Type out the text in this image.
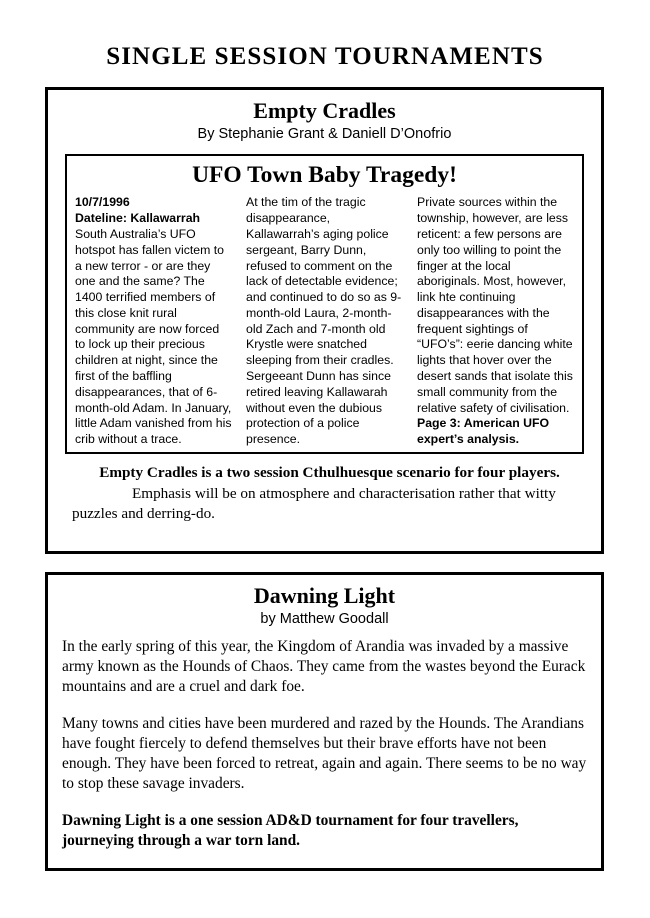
SINGLE SESSION TOURNAMENTS
Empty Cradles
By Stephanie Grant & Daniell D’Onofrio
UFO Town Baby Tragedy!

10/7/1996
Dateline: Kallawarrah
South Australia’s UFO hotspot has fallen victem to a new terror - or are they one and the same? The 1400 terrified members of this close knit rural community are now forced to lock up their precious children at night, since the first of the baffling disappearances, that of 6-month-old Adam. In January, little Adam vanished from his crib without a trace.

At the tim of the tragic disappearance, Kallawarrah’s aging police sergeant, Barry Dunn, refused to comment on the lack of detectable evidence; and continued to do so as 9-month-old Laura, 2-month-old Zach and 7-month old Krystle were snatched sleeping from their cradles. Sergeeant Dunn has since retired leaving Kallawarah without even the dubious protection of a police presence.

Private sources within the township, however, are less reticent: a few persons are only too willing to point the finger at the local aboriginals. Most, however, link hte continuing disappearances with the frequent sightings of “UFO’s”: eerie dancing white lights that hover over the desert sands that isolate this small community from the relative safety of civilisation.

Page 3: American UFO expert’s analysis.

Empty Cradles is a two session Cthulhuesque scenario for four players.

Emphasis will be on atmosphere and characterisation rather that witty puzzles and derring-do.

Dawning Light
by Matthew Goodall

In the early spring of this year, the Kingdom of Arandia was invaded by a massive army known as the Hounds of Chaos. They came from the wastes beyond the Eurack mountains and are a cruel and dark foe.

Many towns and cities have been murdered and razed by the Hounds. The Arandians have fought fiercely to defend themselves but their brave efforts have not been enough. They have been forced to retreat, again and again. There seems to be no way to stop these savage invaders.

Dawning Light is a one session AD&D tournament for four travellers, journeying through a war torn land.
